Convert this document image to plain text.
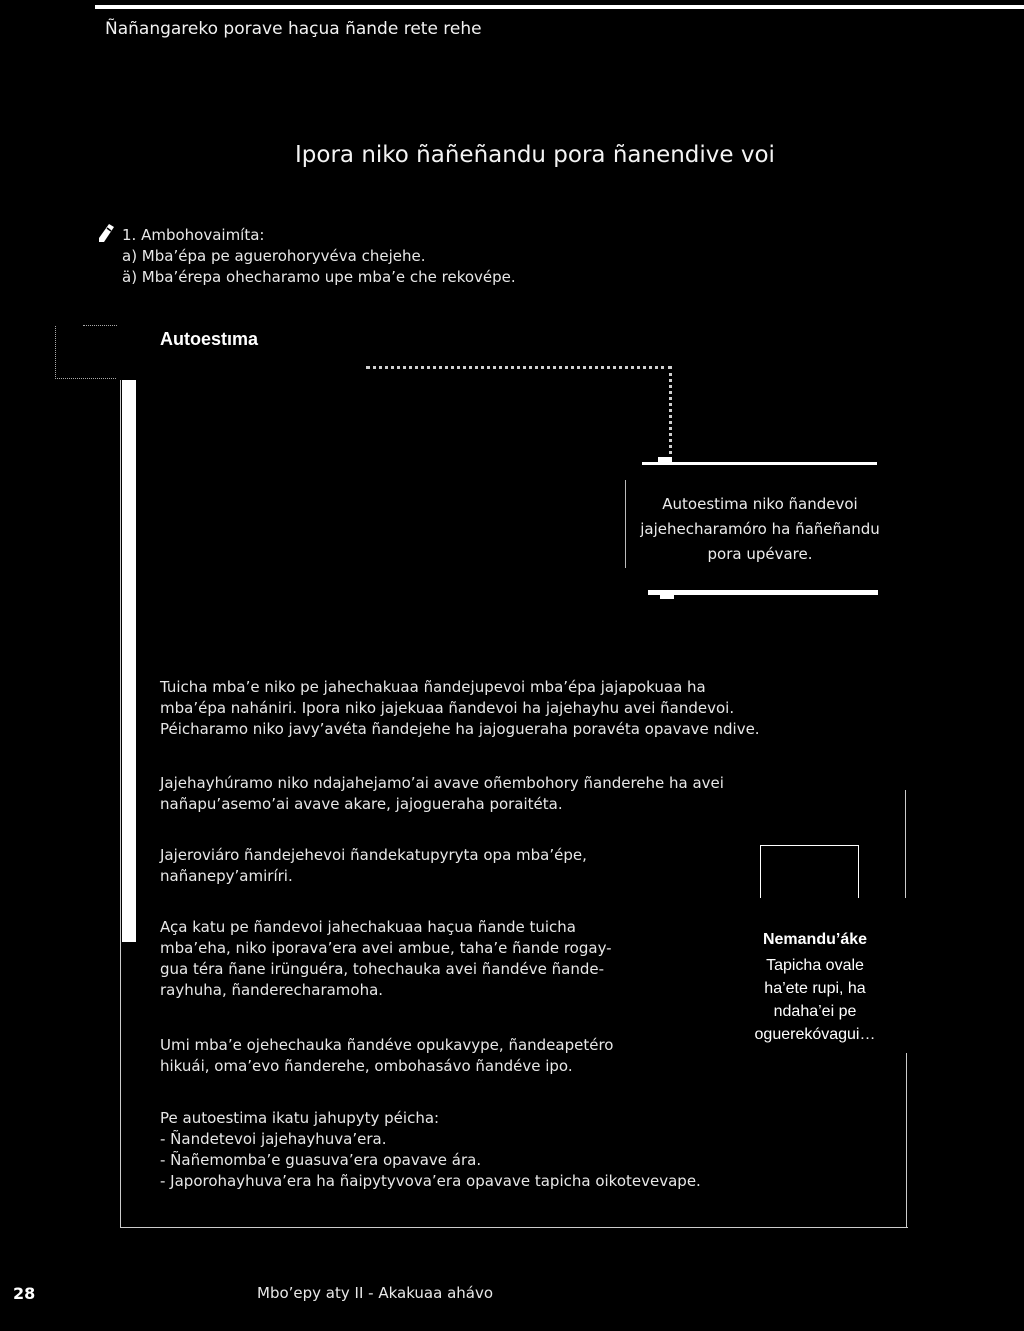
Ñañangareko porave haçua ñande rete rehe
Ipora niko ñañeñandu pora ñanendive voi
1. Ambohovaimíta:
a) Mba’épa pe aguerohoryvéva chejehe.
ä) Mba’érepa ohecharamo upe mba’e che rekovépe.
Autoestıma
Autoestima niko ñandevoi jajehecharamóro ha ñañeñandu pora upévare.
Tuicha mba’e niko pe jahechakuaa ñandejupevoi mba’épa jajapokuaa ha
mba’épa nahániri. Ipora niko jajekuaa ñandevoi ha jajehayhu avei ñandevoi.
Péicharamo niko javy’avéta ñandejehe ha jajogueraha poravéta opavave ndive.
Jajehayhúramo niko ndajahejamo’ai avave oñembohory ñanderehe ha avei
nañapu’asemo’ai avave akare, jajogueraha poraitéta.
Jajeroviáro ñandejehevoi ñandekatupyryta opa mba’épe,
nañanepy’amiríri.
Aça katu pe ñandevoi jahechakuaa haçua ñande tuicha
mba’eha, niko iporava’era avei ambue, taha’e ñande rogay-
gua téra ñane irünguéra, tohechauka avei ñandéve ñande-
rayhuha, ñanderecharamoha.
Umi mba’e ojehechauka ñandéve opukavype, ñandeapetéro
hikuái, oma’evo ñanderehe, ombohasávo ñandéve ipo.
Pe autoestima ikatu jahupyty péicha:
- Ñandetevoi jajehayhuva’era.
- Ñañemomba’e guasuva’era opavave ára.
- Japorohayhuva’era ha ñaipytyvova’era opavave tapicha oikotevevape.
Nemandu’áke
Tapicha ovale
ha’ete rupi, ha
ndaha’ei pe
oguerekóvagui…
28	Mbo’epy aty II - Akakuaa ahávo
